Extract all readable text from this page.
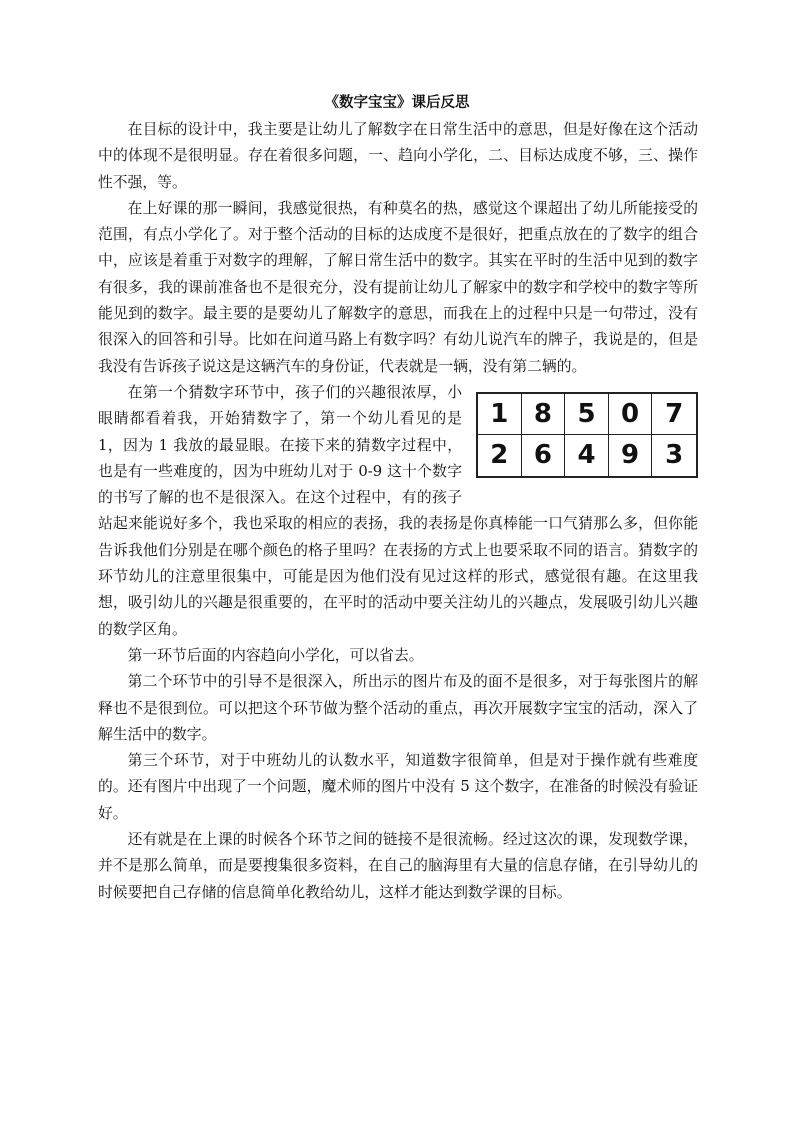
《数字宝宝》课后反思

在目标的设计中，我主要是让幼儿了解数字在日常生活中的意思，但是好像在这个活动中的体现不是很明显。存在着很多问题，一、趋向小学化，二、目标达成度不够，三、操作性不强，等。

在上好课的那一瞬间，我感觉很热，有种莫名的热，感觉这个课超出了幼儿所能接受的范围，有点小学化了。对于整个活动的目标的达成度不是很好，把重点放在的了数字的组合中，应该是着重于对数字的理解，了解日常生活中的数字。其实在平时的生活中见到的数字有很多，我的课前准备也不是很充分，没有提前让幼儿了解家中的数字和学校中的数字等所能见到的数字。最主要的是要幼儿了解数字的意思，而我在上的过程中只是一句带过，没有很深入的回答和引导。比如在问道马路上有数字吗？有幼儿说汽车的牌子，我说是的，但是我没有告诉孩子说这是这辆汽车的身份证，代表就是一辆，没有第二辆的。

1 8 5 0	7
2 6 4 9	3

在第一个猜数字环节中，孩子们的兴趣很浓厚，小眼睛都看着我，开始猜数字了，第一个幼儿看见的是 1，因为 1 我放的最显眼。在接下来的猜数字过程中，也是有一些难度的，因为中班幼儿对于 0-9 这十个数字的书写了解的也不是很深入。在这个过程中，有的孩子站起来能说好多个，我也采取的相应的表扬，我的表扬是你真棒能一口气猜那么多，但你能告诉我他们分别是在哪个颜色的格子里吗？在表扬的方式上也要采取不同的语言。猜数字的环节幼儿的注意里很集中，可能是因为他们没有见过这样的形式，感觉很有趣。在这里我想，吸引幼儿的兴趣是很重要的，在平时的活动中要关注幼儿的兴趣点，发展吸引幼儿兴趣的数学区角。

第一环节后面的内容趋向小学化，可以省去。

第二个环节中的引导不是很深入，所出示的图片布及的面不是很多，对于每张图片的解释也不是很到位。可以把这个环节做为整个活动的重点，再次开展数字宝宝的活动，深入了解生活中的数字。

第三个环节，对于中班幼儿的认数水平，知道数字很简单，但是对于操作就有些难度的。还有图片中出现了一个问题，魔术师的图片中没有 5 这个数字，在准备的时候没有验证好。

还有就是在上课的时候各个环节之间的链接不是很流畅。经过这次的课，发现数学课，并不是那么简单，而是要搜集很多资料，在自己的脑海里有大量的信息存储，在引导幼儿的时候要把自己存储的信息简单化教给幼儿，这样才能达到数学课的目标。
